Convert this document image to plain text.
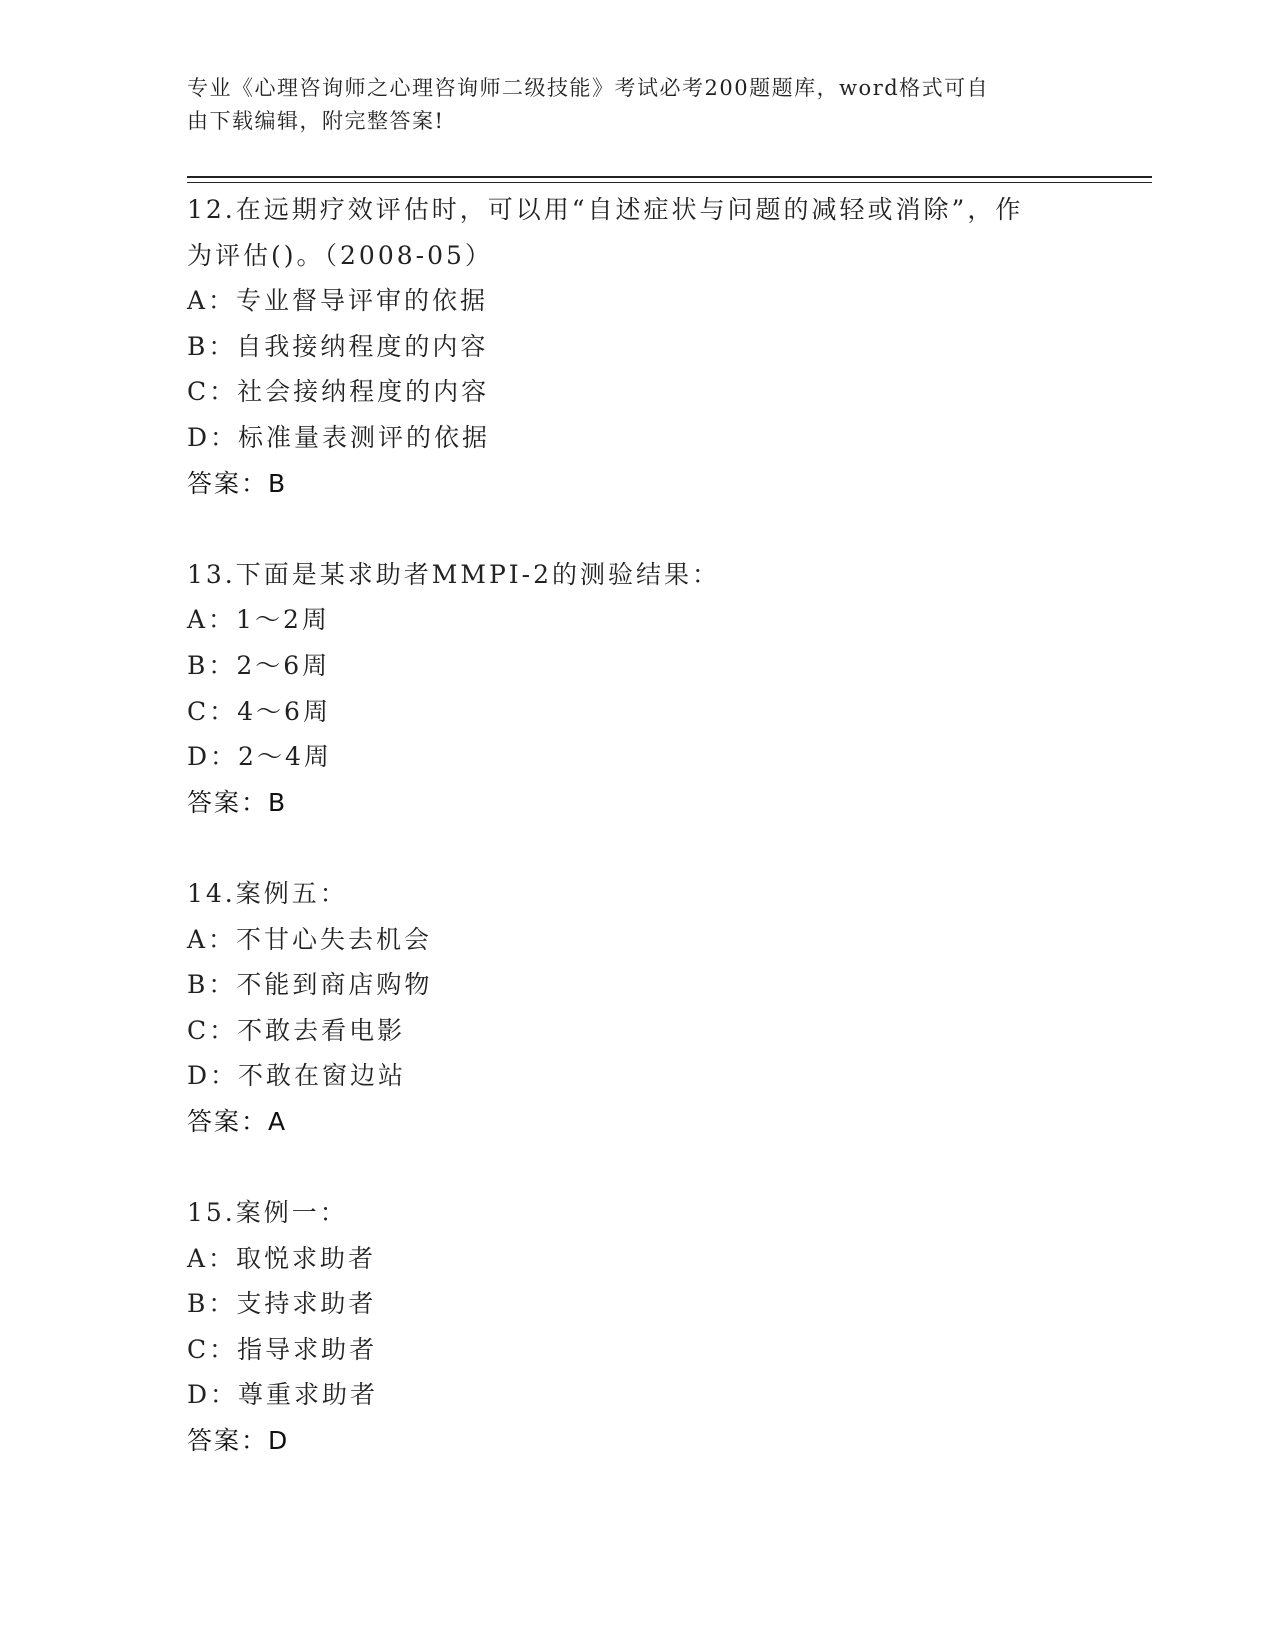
专业《心理咨询师之心理咨询师二级技能》考试必考200题题库，word格式可自
由下载编辑，附完整答案!

12.在远期疗效评估时，可以用“自述症状与问题的减轻或消除”，作

为评估()。（2008-05）

A：专业督导评审的依据

B：自我接纳程度的内容

C：社会接纳程度的内容

D：标准量表测评的依据

答案：B

13.下面是某求助者MMPI-2的测验结果：

A：1～2周

B：2～6周

C：4～6周

D：2～4周

答案：B

14.案例五：

A：不甘心失去机会

B：不能到商店购物

C：不敢去看电影

D：不敢在窗边站

答案：A

15.案例一：

A：取悦求助者

B：支持求助者

C：指导求助者

D：尊重求助者

答案：D
